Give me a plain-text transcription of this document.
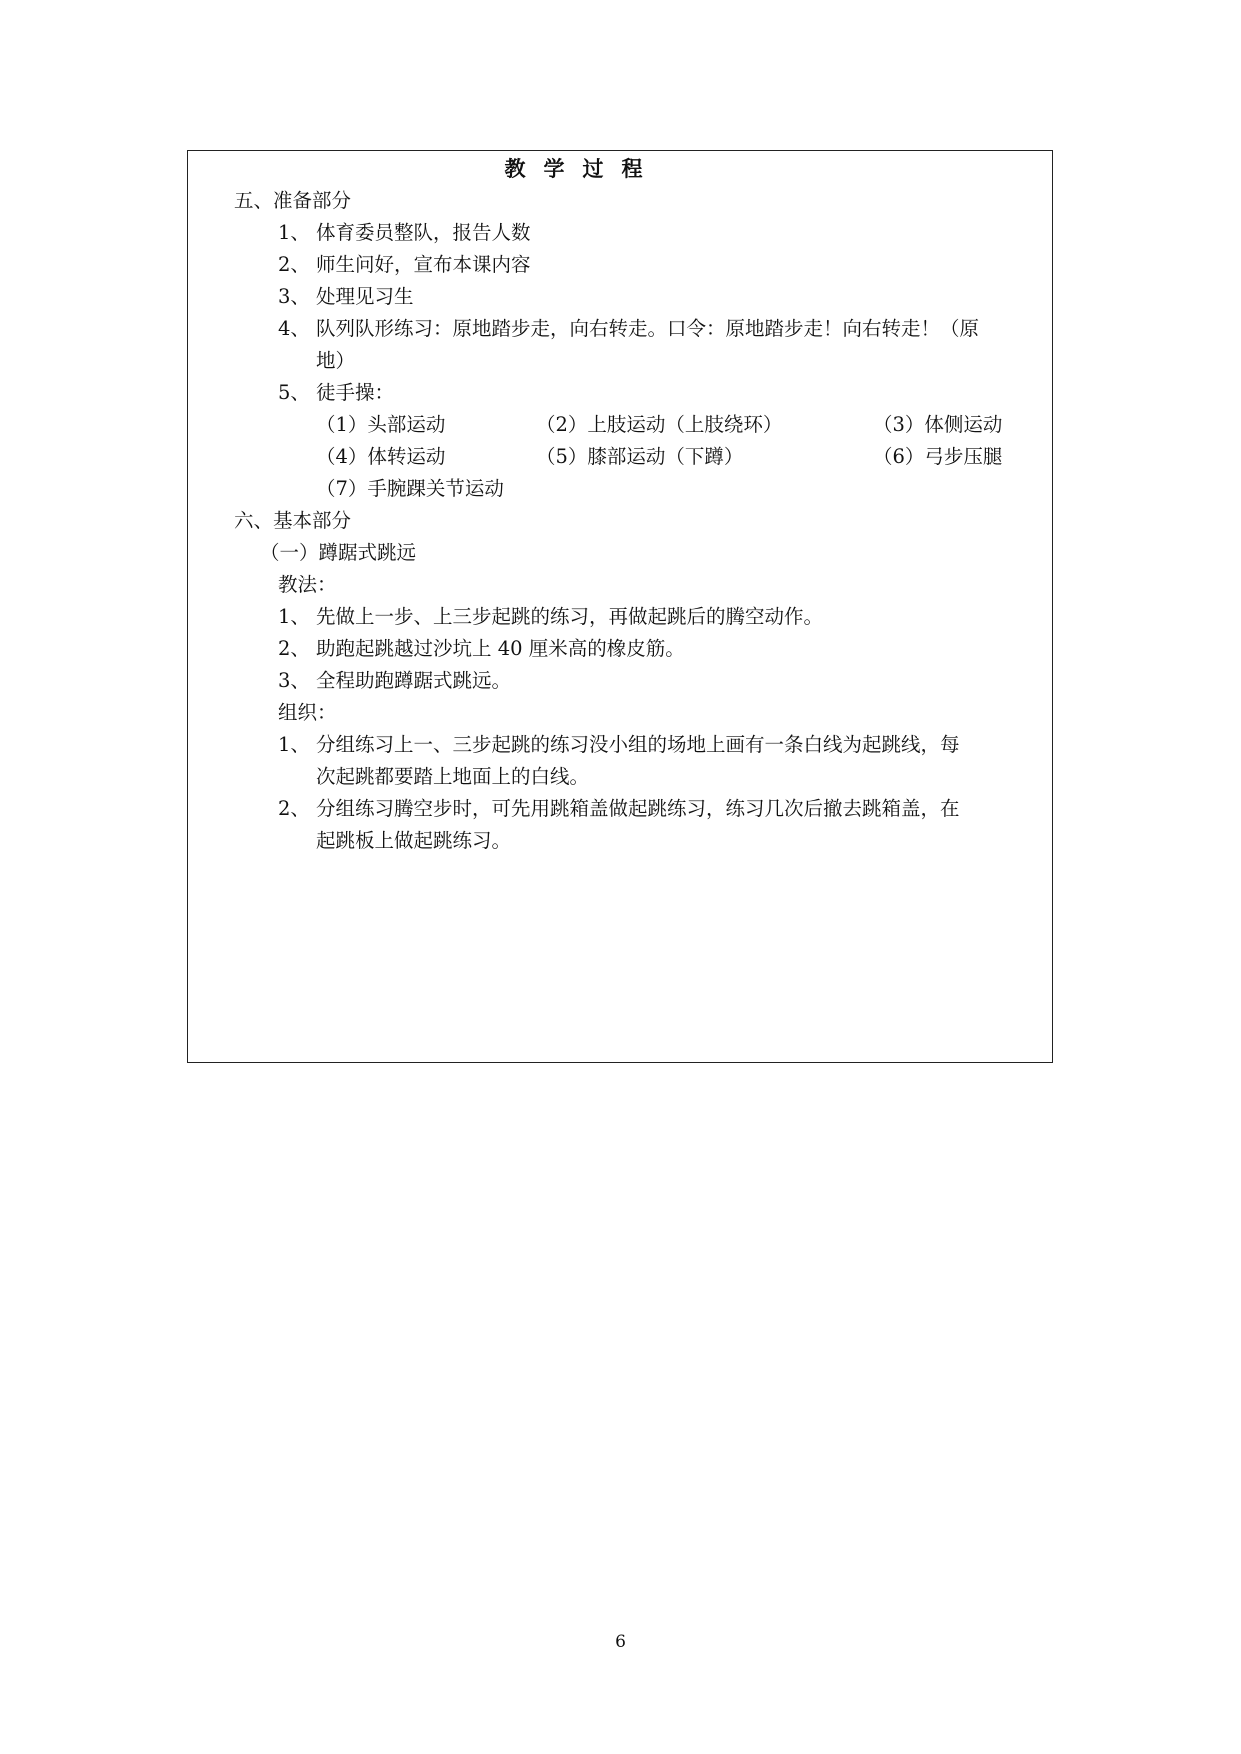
教学过程
五、准备部分
1、 体育委员整队，报告人数
2、 师生问好，宣布本课内容
3、 处理见习生
4、 队列队形练习：原地踏步走，向右转走。口令：原地踏步走！向右转走！（原
地）
5、 徒手操：
（1）头部运动	（2）上肢运动（上肢绕环）	（3）体侧运动
（4）体转运动	（5）膝部运动（下蹲）	（6）弓步压腿
（7）手腕踝关节运动
六、基本部分
（一）蹲踞式跳远
教法：
1、 先做上一步、上三步起跳的练习，再做起跳后的腾空动作。
2、 助跑起跳越过沙坑上 40 厘米高的橡皮筋。
3、 全程助跑蹲踞式跳远。
组织：
1、 分组练习上一、三步起跳的练习没小组的场地上画有一条白线为起跳线，每
次起跳都要踏上地面上的白线。
2、 分组练习腾空步时，可先用跳箱盖做起跳练习，练习几次后撤去跳箱盖，在
起跳板上做起跳练习。
6
